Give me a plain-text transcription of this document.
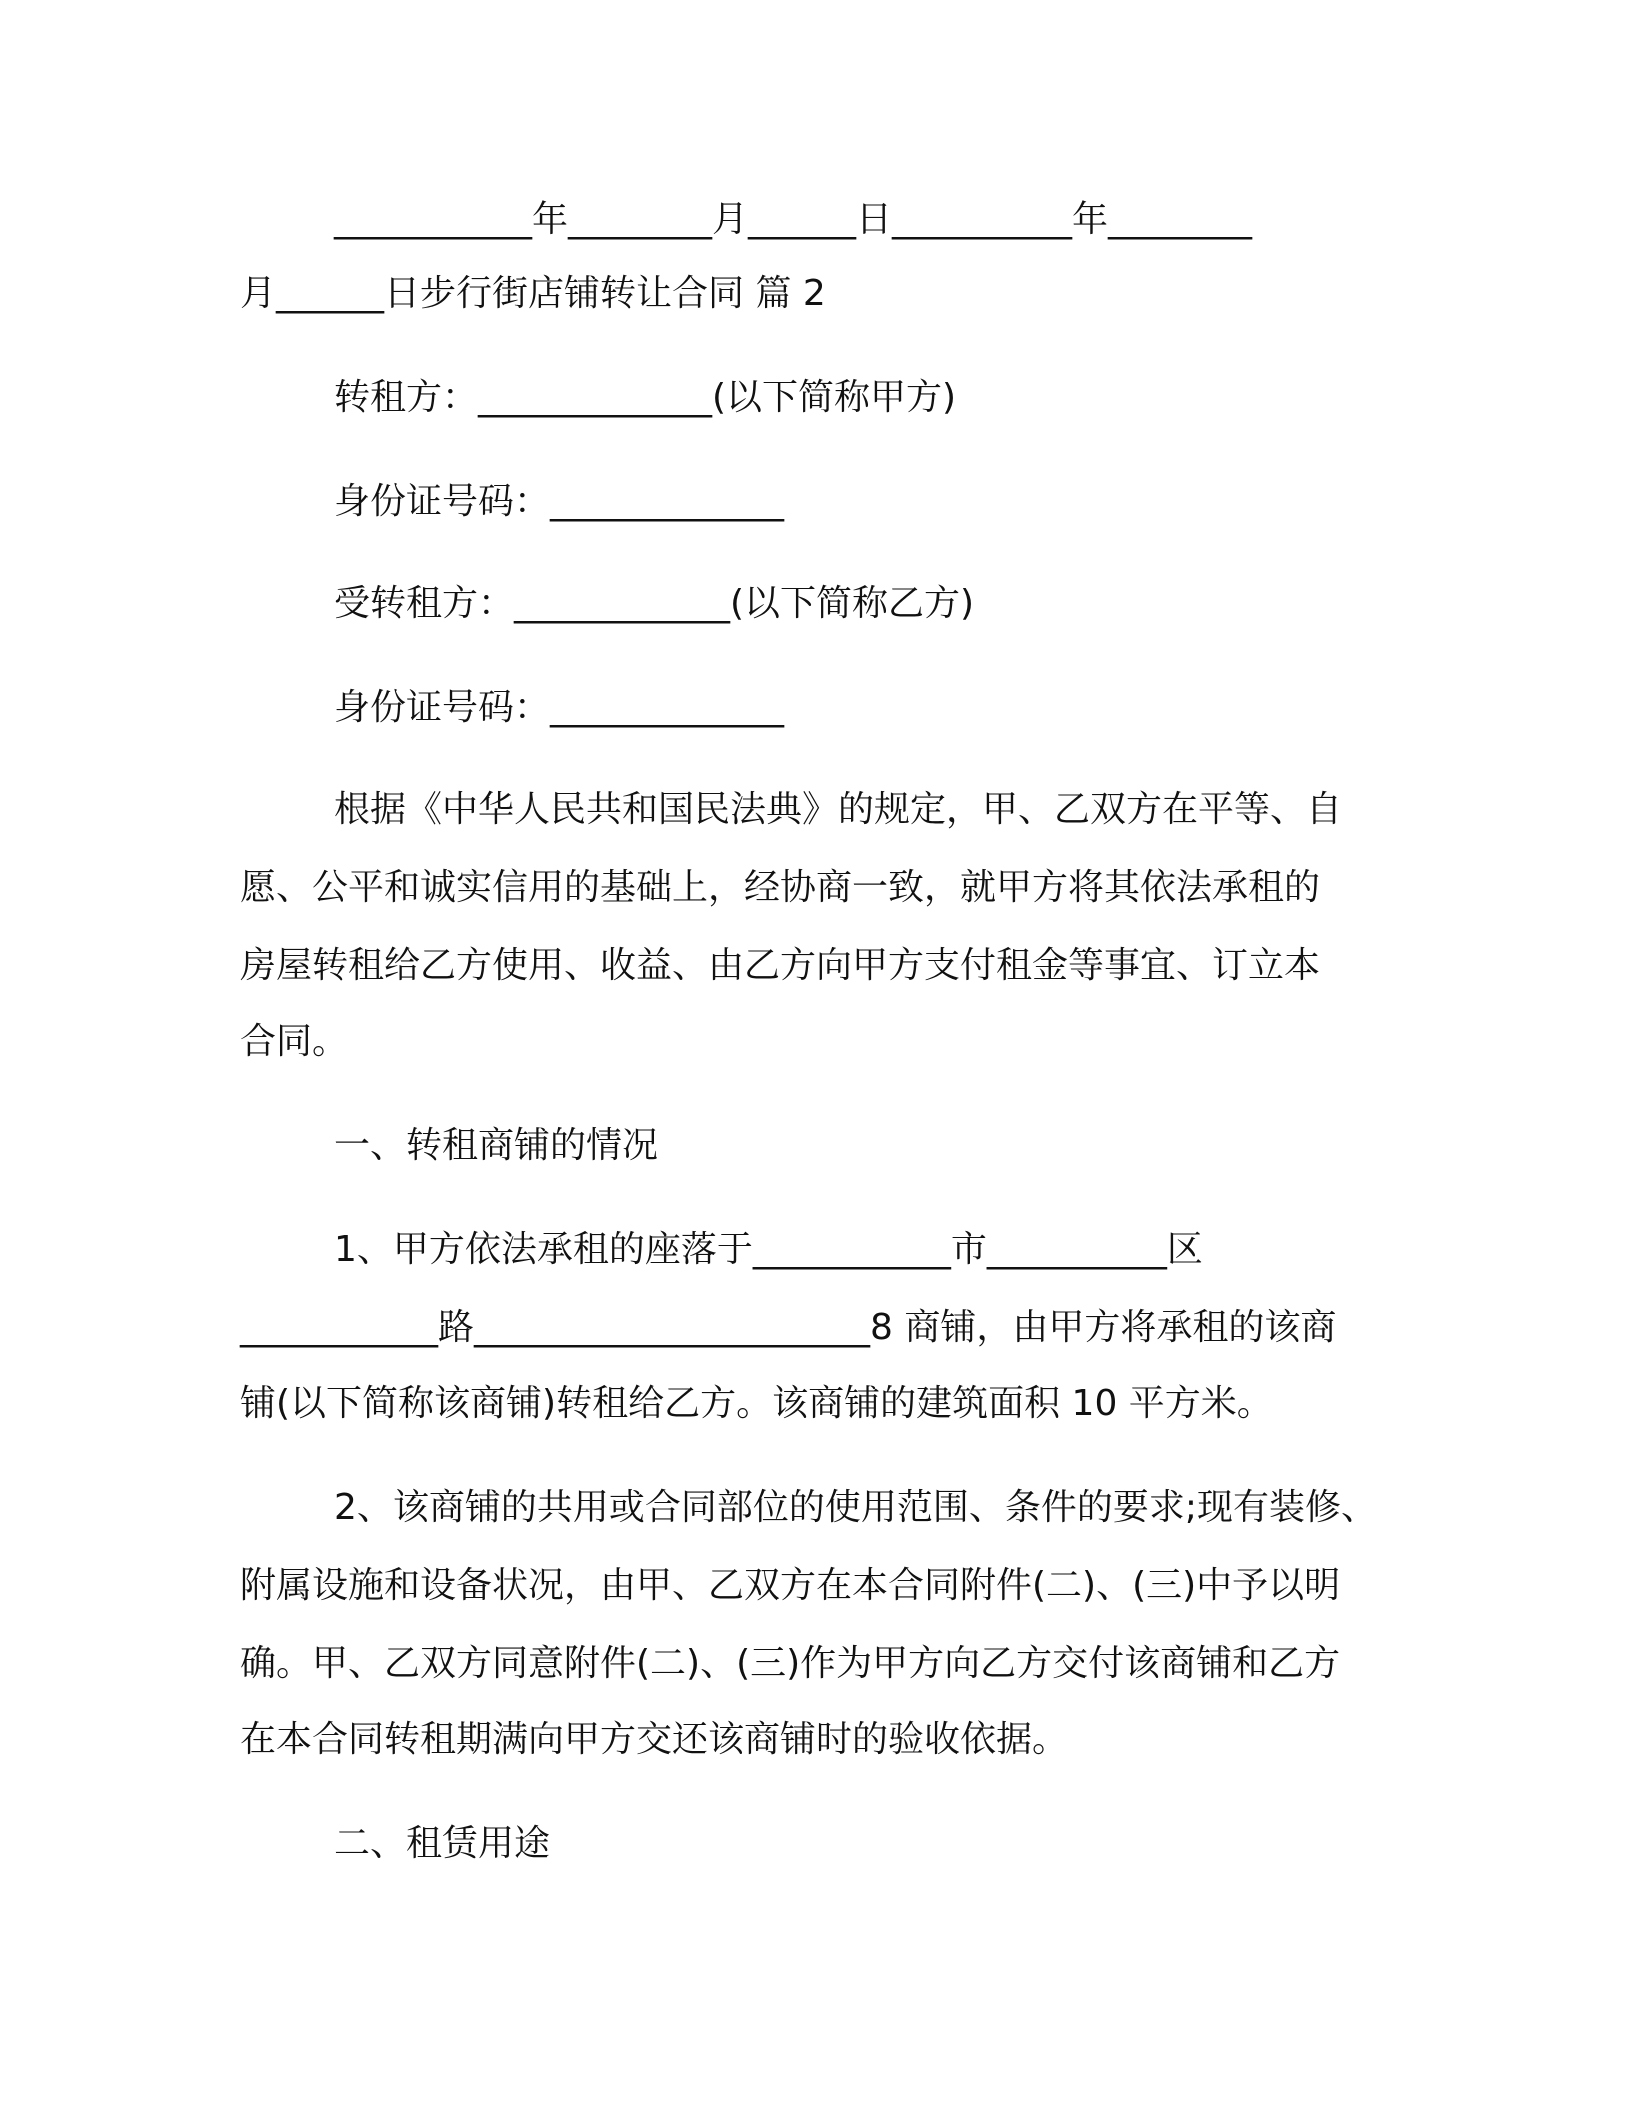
___________年________月______日__________年________
月______日步行街店铺转让合同 篇 2
转租方：_____________(以下简称甲方)
身份证号码：_____________
受转租方：____________(以下简称乙方)
身份证号码：_____________
根据《中华人民共和国民法典》的规定，甲、乙双方在平等、自
愿、公平和诚实信用的基础上，经协商一致，就甲方将其依法承租的
房屋转租给乙方使用、收益、由乙方向甲方支付租金等事宜、订立本
合同。
一、转租商铺的情况
1、甲方依法承租的座落于___________市__________区
___________路______________________8 商铺，由甲方将承租的该商
铺(以下简称该商铺)转租给乙方。该商铺的建筑面积 10 平方米。
2、该商铺的共用或合同部位的使用范围、条件的要求;现有装修、
附属设施和设备状况，由甲、乙双方在本合同附件(二)、(三)中予以明
确。甲、乙双方同意附件(二)、(三)作为甲方向乙方交付该商铺和乙方
在本合同转租期满向甲方交还该商铺时的验收依据。
二、租赁用途
